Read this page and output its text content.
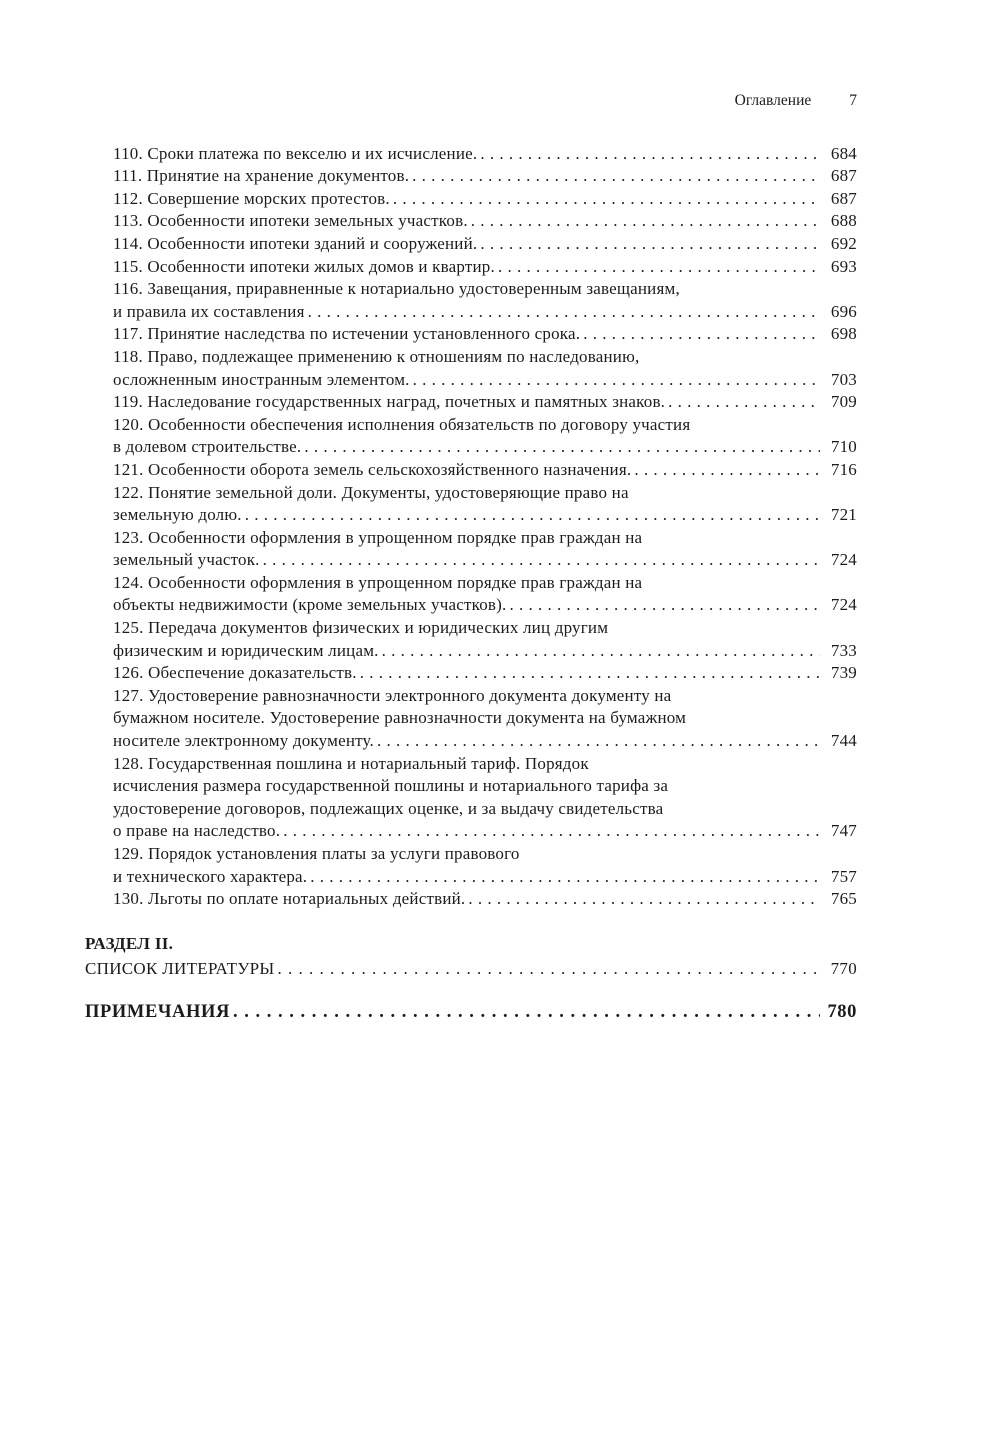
Оглавление 7
110. Сроки платежа по векселю и их исчисление. . . .	684
111. Принятие на хранение документов. . . .	687
112. Совершение морских протестов. . . .	687
113. Особенности ипотеки земельных участков. . . .	688
114. Особенности ипотеки зданий и сооружений. . . .	692
115. Особенности ипотеки жилых домов и квартир. . . .	693
116. Завещания, приравненные к нотариально удостоверенным завещаниям,
и правила их составления . . .	696
117. Принятие наследства по истечении установленного срока. . . .	698
118. Право, подлежащее применению к отношениям по наследованию,
осложненным иностранным элементом. . . .	703
119. Наследование государственных наград, почетных и памятных знаков. . . .	709
120. Особенности обеспечения исполнения обязательств по договору участия
в долевом строительстве. . . .	710
121. Особенности оборота земель сельскохозяйственного назначения. . . .	716
122. Понятие земельной доли. Документы, удостоверяющие право на
земельную долю. . . .	721
123. Особенности оформления в упрощенном порядке прав граждан на
земельный участок. . . .	724
124. Особенности оформления в упрощенном порядке прав граждан на
объекты недвижимости (кроме земельных участков). . . .	724
125. Передача документов физических и юридических лиц другим
физическим и юридическим лицам. . . .	733
126. Обеспечение доказательств. . . .	739
127. Удостоверение равнозначности электронного документа документу на
бумажном носителе. Удостоверение равнозначности документа на бумажном
носителе электронному документу. . . .	744
128. Государственная пошлина и нотариальный тариф. Порядок
исчисления размера государственной пошлины и нотариального тарифа за
удостоверение договоров, подлежащих оценке, и за выдачу свидетельства
о праве на наследство. . . .	747
129. Порядок установления платы за услуги правового
и технического характера. . . .	757
130. Льготы по оплате нотариальных действий. . . .	765
РАЗДЕЛ II.
СПИСОК ЛИТЕРАТУРЫ . . .	770
ПРИМЕЧАНИЯ . . .	780
